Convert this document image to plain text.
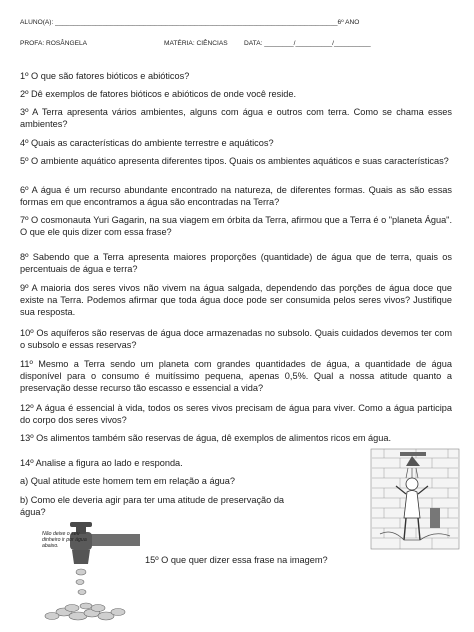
ALUNO(A): _____________________________________________________________________________6º ANO
PROFA: ROSÂNGELA	MATÉRIA: CIÊNCIAS DATA: ________/__________/__________
1º O que são fatores bióticos e abióticos?
2º Dê exemplos de fatores bióticos e abióticos de onde você reside.
3º A Terra apresenta vários ambientes, alguns com água e outros com terra. Como se chama esses ambientes?
4º Quais as características do ambiente terrestre e aquáticos?
5º O ambiente aquático apresenta diferentes tipos. Quais os ambientes aquáticos e suas características?
6º A água é um recurso abundante encontrado na natureza, de diferentes formas. Quais as são essas formas em que encontramos a água são encontradas na Terra?
7º O cosmonauta Yuri Gagarin, na sua viagem em órbita da Terra, afirmou que a Terra é o "planeta Água". O que ele quis dizer com essa frase?
8º Sabendo que a Terra apresenta maiores proporções (quantidade) de água que de terra, quais os percentuais de água e terra?
9º A maioria dos seres vivos não vivem na água salgada, dependendo das porções de água doce que existe na Terra. Podemos afirmar que toda água doce pode ser consumida pelos seres vivos? Justifique sua resposta.
10º Os aquíferos são reservas de água doce armazenadas no subsolo. Quais cuidados devemos ter com o subsolo e essas reservas?
11º Mesmo a Terra sendo um planeta com grandes quantidades de água, a quantidade de água disponível para o consumo é muitíssimo pequena, apenas 0,5%. Qual a nossa atitude quanto a preservação desse recurso tão escasso e essencial a vida?
12º A água é essencial à vida, todos os seres vivos precisam de água para viver. Como a água participa do corpo dos seres vivos?
13º Os alimentos também são reservas de água, dê exemplos de alimentos ricos em água.
14º Analise a figura ao lado e responda.
a) Qual atitude este homem tem em relação a água?
b) Como ele deveria agir para ter uma atitude de preservação da água?
15º O que quer dizer essa frase na imagem?
Não deixe o seu dinheiro ir por água abaixo.
